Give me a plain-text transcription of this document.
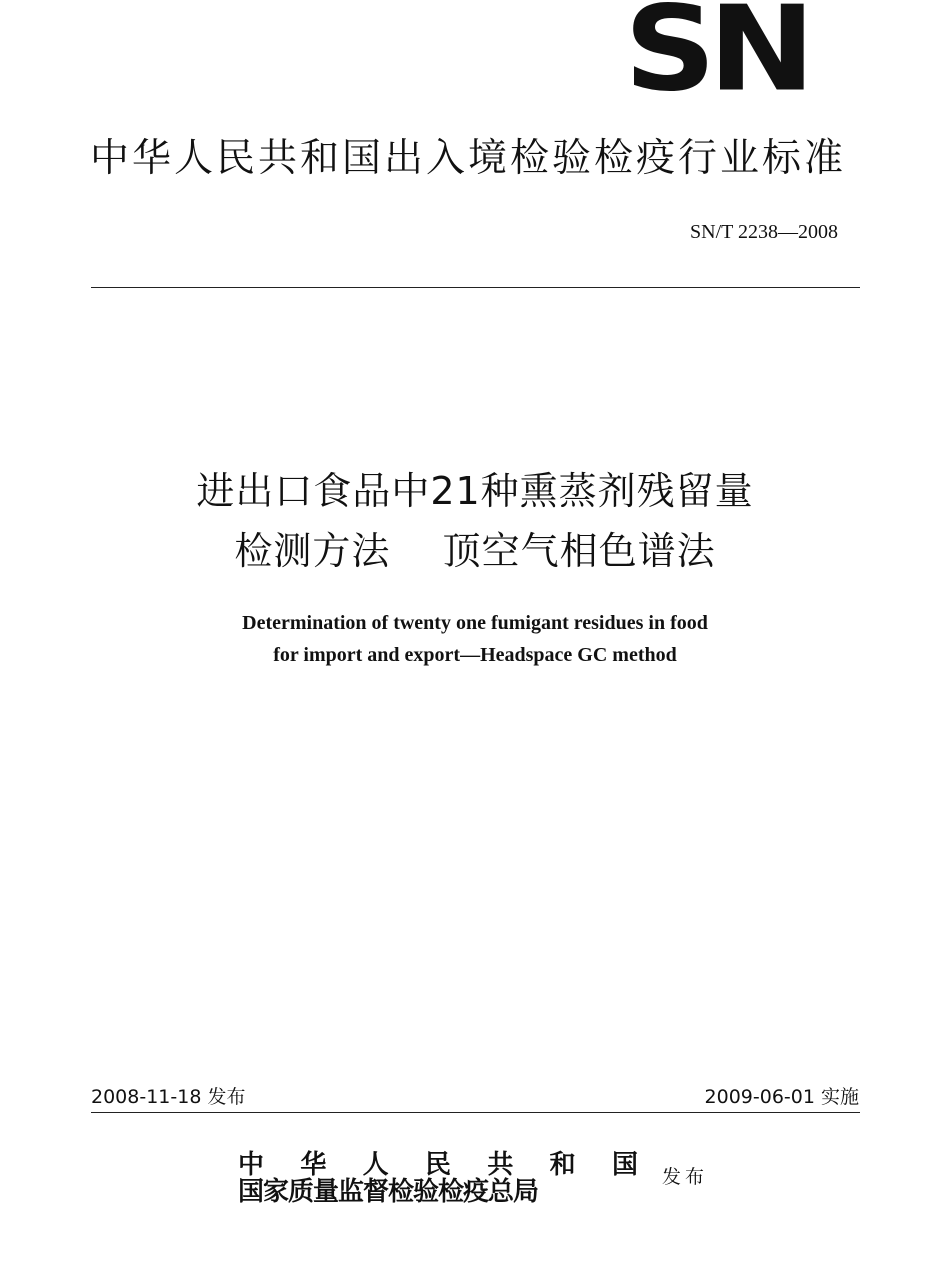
SN
中华人民共和国出入境检验检疫行业标准
SN/T 2238—2008
进出口食品中21种熏蒸剂残留量
检测方法    顶空气相色谱法
Determination of twenty one fumigant residues in food
for import and export—Headspace GC method
2008-11-18 发布	2009-06-01 实施
中华人民共和国
国家质量监督检验检疫总局	发布
